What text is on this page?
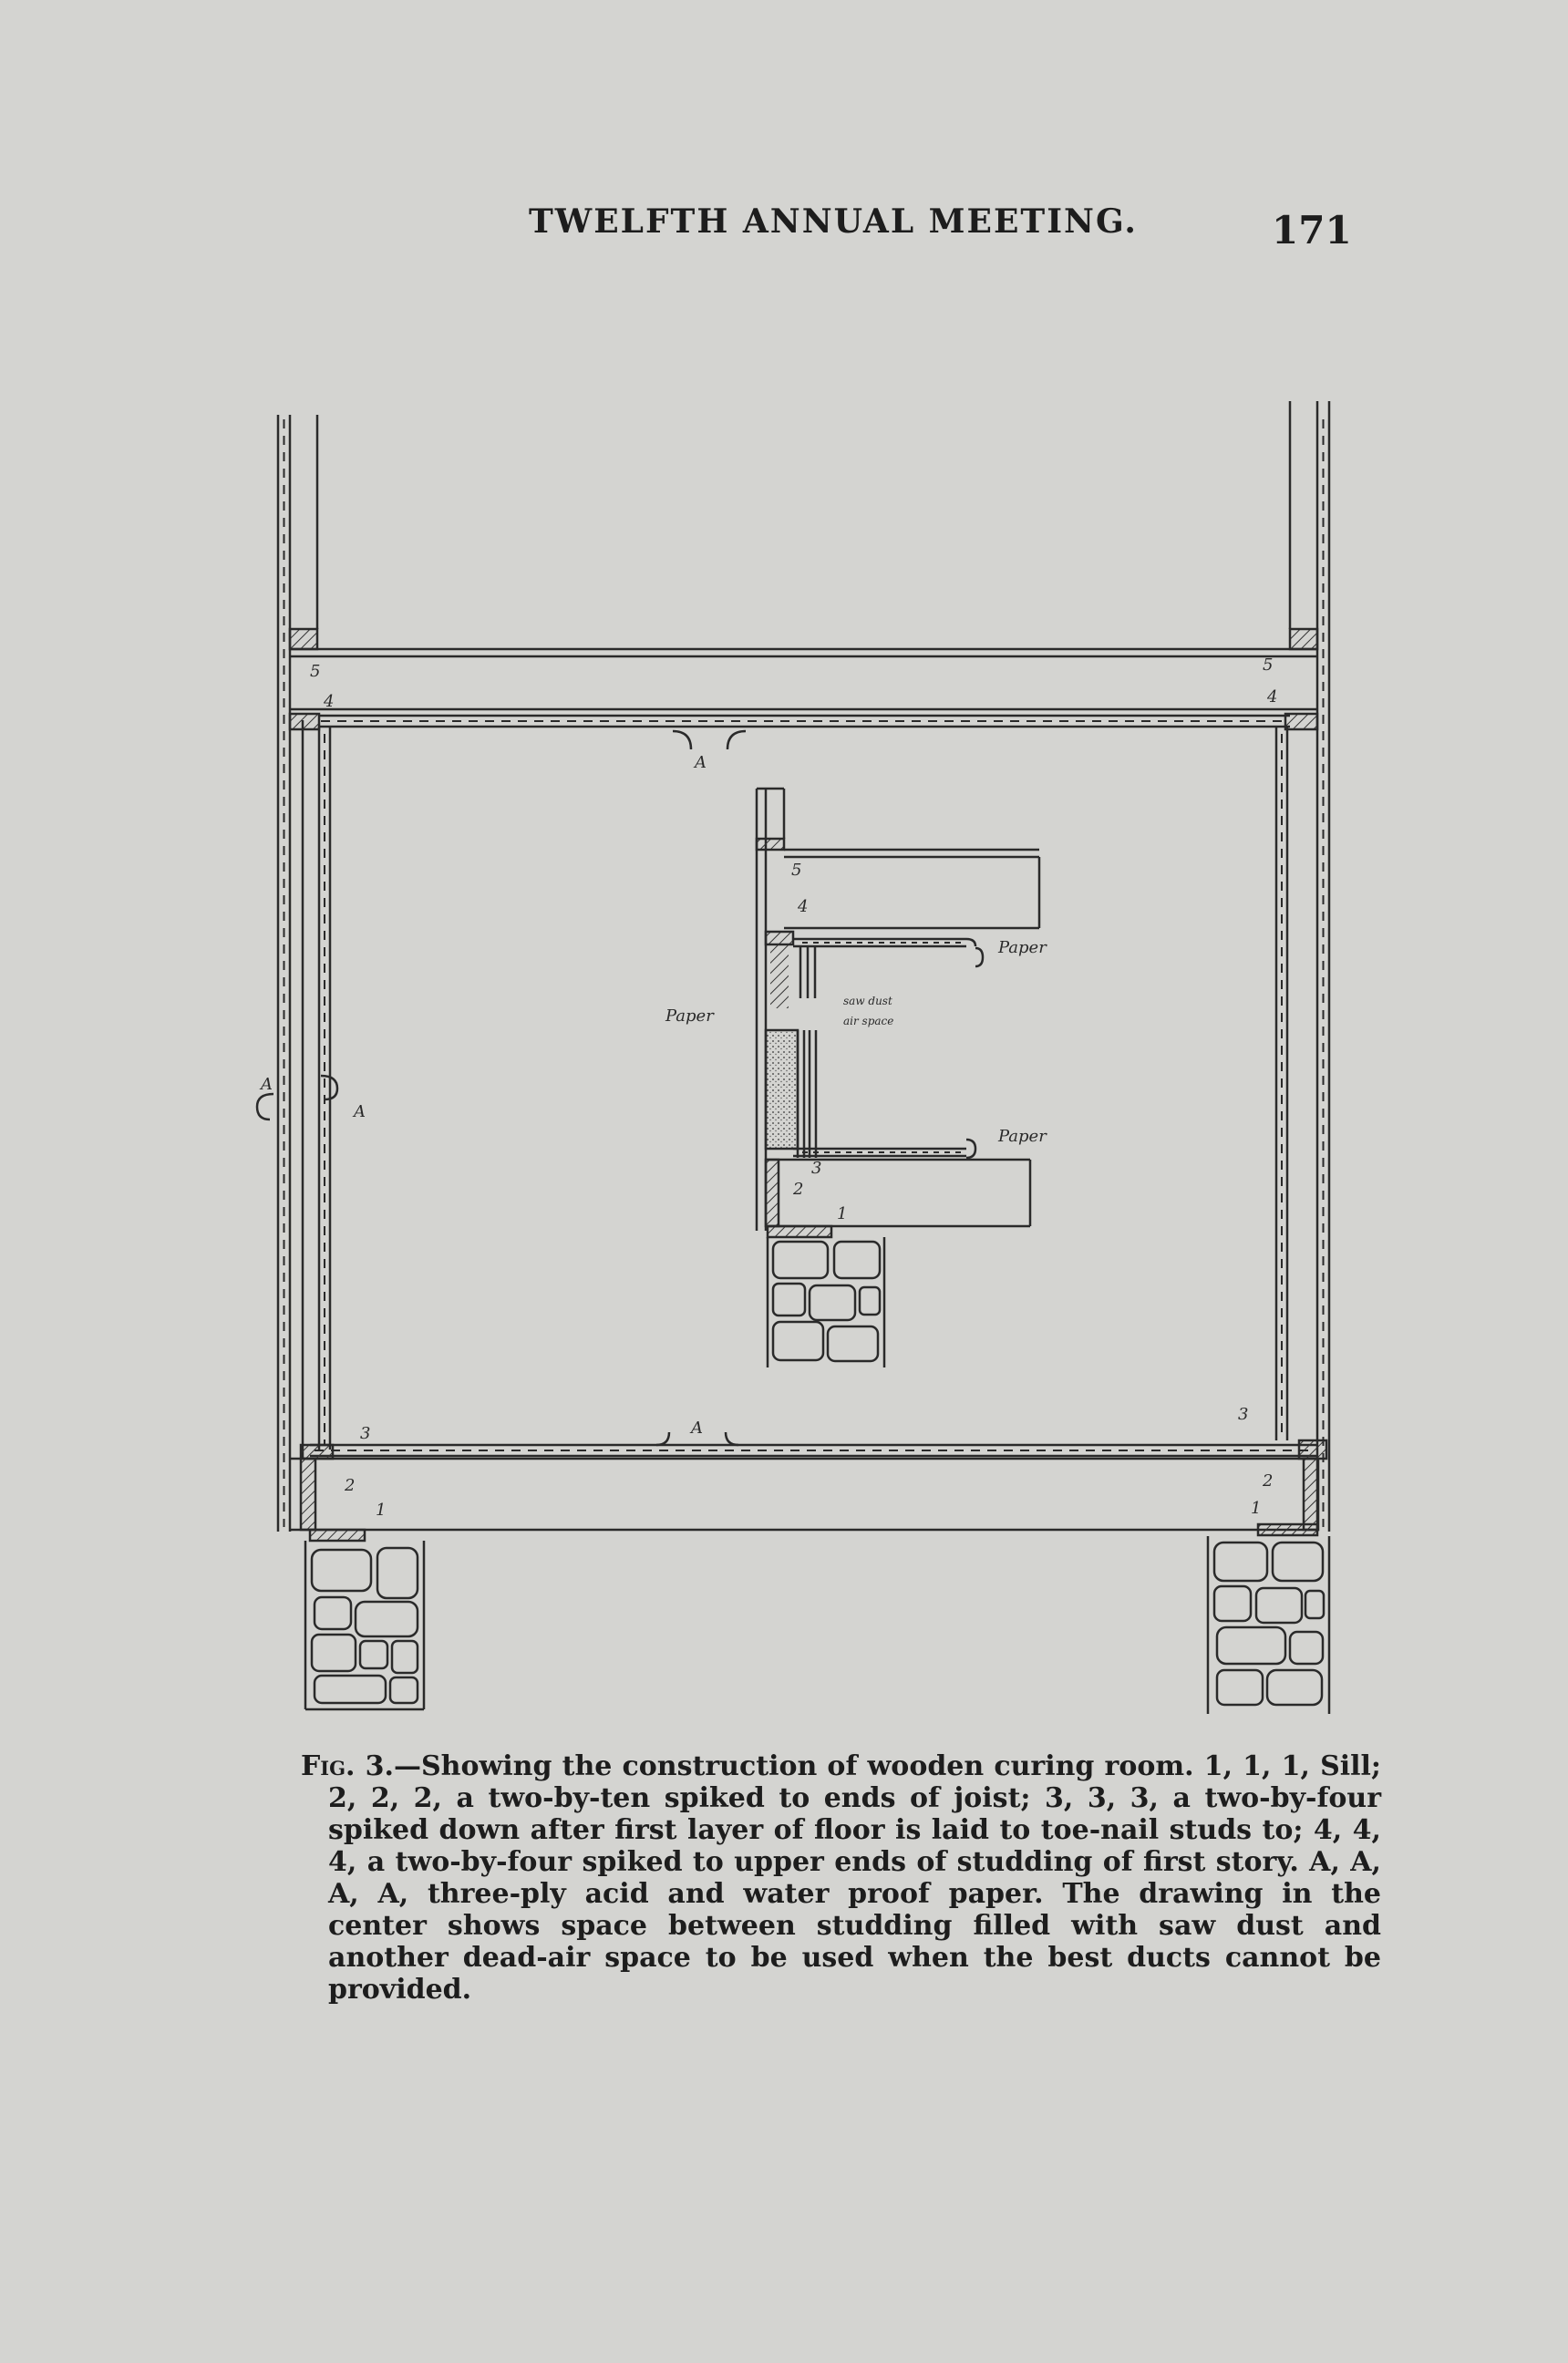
TWELFTH ANNUAL MEETING.	171
5	5
4	4
A
A
A
A
3
3
2	2
1	1
5
4
Paper
Paper
saw dust
air space
Paper
3
2
1
Fig. 3.—Showing the construction of wooden curing room. 1, 1, 1, Sill; 2, 2, 2, a two-by-ten spiked to ends of joist; 3, 3, 3, a two-by-four spiked down after first layer of floor is laid to toe-nail studs to; 4, 4, 4, a two-by-four spiked to upper ends of studding of first story. A, A, A, A, three-ply acid and water proof paper. The drawing in the center shows space between studding filled with saw dust and another dead-air space to be used when the best ducts cannot be provided.
